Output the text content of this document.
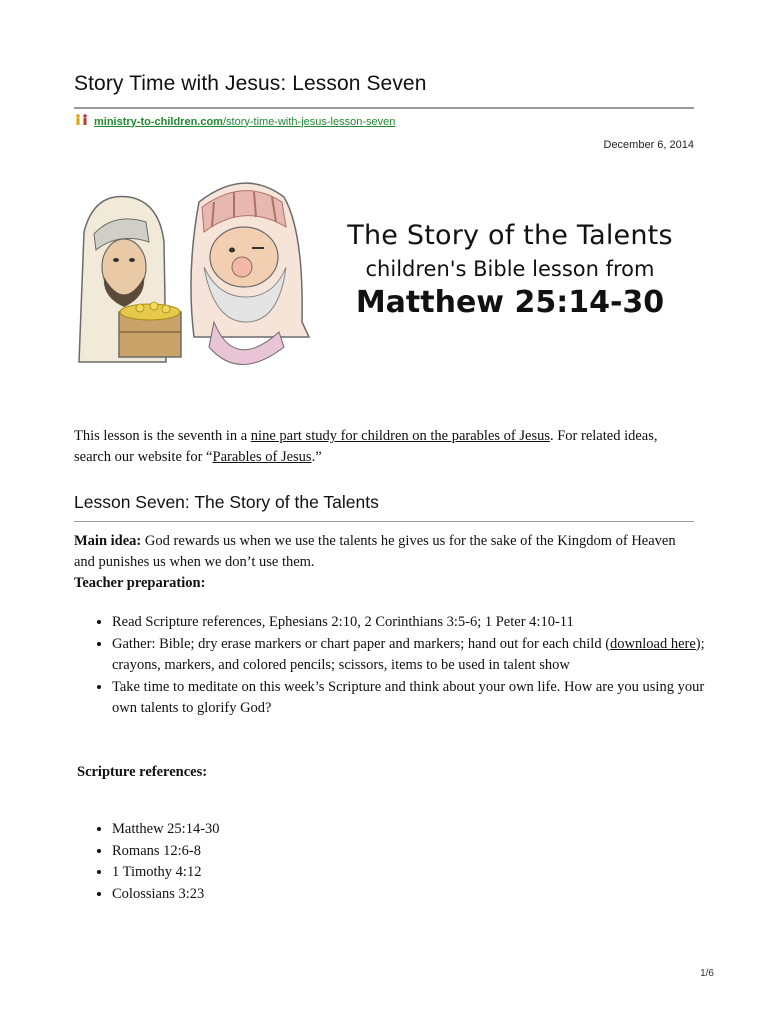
Story Time with Jesus: Lesson Seven
ministry-to-children.com/story-time-with-jesus-lesson-seven
December 6, 2014
The Story of the Talents
children's Bible lesson from
Matthew 25:14-30

This lesson is the seventh in a nine part study for children on the parables of Jesus. For related ideas, search our website for “Parables of Jesus.”

Lesson Seven: The Story of the Talents

Main idea: God rewards us when we use the talents he gives us for the sake of the Kingdom of Heaven and punishes us when we don’t use them.
Teacher preparation:

• Read Scripture references, Ephesians 2:10, 2 Corinthians 3:5-6; 1 Peter 4:10-11
• Gather: Bible; dry erase markers or chart paper and markers; hand out for each child (download here); crayons, markers, and colored pencils; scissors, items to be used in talent show
• Take time to meditate on this week’s Scripture and think about your own life. How are you using your own talents to glorify God?

Scripture references:

• Matthew 25:14-30
• Romans 12:6-8
• 1 Timothy 4:12
• Colossians 3:23
1/6
